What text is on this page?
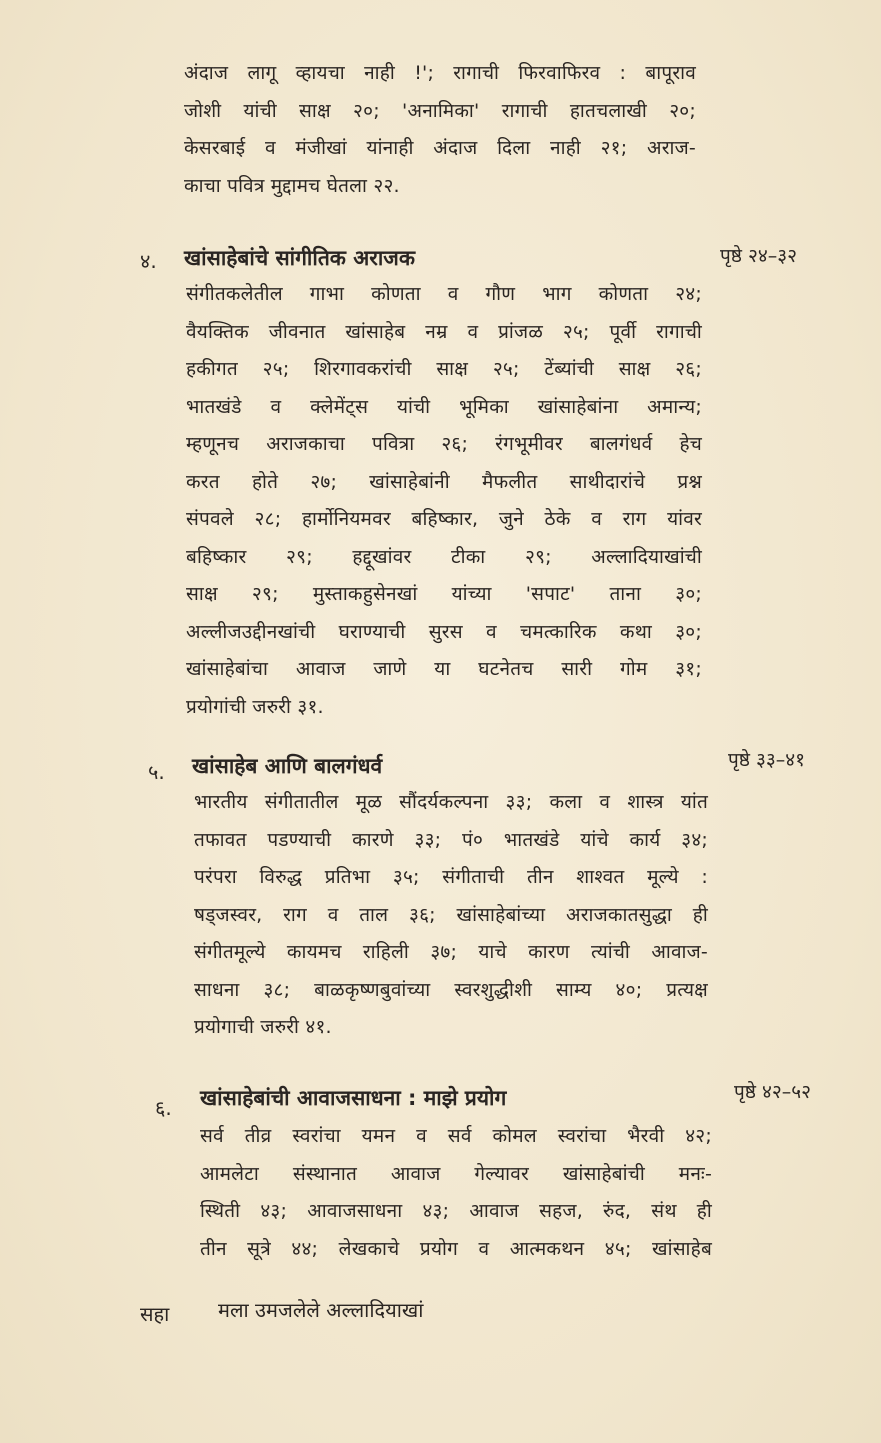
अंदाज लागू व्हायचा नाही !'; रागाची फिरवाफिरव : बापूराव
जोशी यांची साक्ष २०; 'अनामिका' रागाची हातचलाखी २०;
केसरबाई व मंजीखां यांनाही अंदाज दिला नाही २१; अराज-
काचा पवित्र मुद्दामच घेतला २२.
४. खांसाहेबांचे सांगीतिक अराजक	पृष्ठे २४–३२
संगीतकलेतील गाभा कोणता व गौण भाग कोणता २४;
वैयक्तिक जीवनात खांसाहेब नम्र व प्रांजळ २५; पूर्वी रागाची
हकीगत २५; शिरगावकरांची साक्ष २५; टेंब्यांची साक्ष २६;
भातखंडे व क्लेमेंट्स यांची भूमिका खांसाहेबांना अमान्य;
म्हणूनच अराजकाचा पवित्रा २६; रंगभूमीवर बालगंधर्व हेच
करत होते २७; खांसाहेबांनी मैफलीत साथीदारांचे प्रश्न
संपवले २८; हार्मोनियमवर बहिष्कार, जुने ठेके व राग यांवर
बहिष्कार २९; हद्दूखांवर टीका २९; अल्लादियाखांची
साक्ष २९; मुस्ताकहुसेनखां यांच्या 'सपाट' ताना ३०;
अल्लीजउद्दीनखांची घराण्याची सुरस व चमत्कारिक कथा ३०;
खांसाहेबांचा आवाज जाणे या घटनेतच सारी गोम ३१;
प्रयोगांची जरुरी ३१.
५. खांसाहेब आणि बालगंधर्व	पृष्ठे ३३–४१
भारतीय संगीतातील मूळ सौंदर्यकल्पना ३३; कला व शास्त्र यांत
तफावत पडण्याची कारणे ३३; पं० भातखंडे यांचे कार्य ३४;
परंपरा विरुद्ध प्रतिभा ३५; संगीताची तीन शाश्वत मूल्ये :
षड्जस्वर, राग व ताल ३६; खांसाहेबांच्या अराजकातसुद्धा ही
संगीतमूल्ये कायमच राहिली ३७; याचे कारण त्यांची आवाज-
साधना ३८; बाळकृष्णबुवांच्या स्वरशुद्धीशी साम्य ४०; प्रत्यक्ष
प्रयोगाची जरुरी ४१.
६. खांसाहेबांची आवाजसाधना : माझे प्रयोग	पृष्ठे ४२–५२
सर्व तीव्र स्वरांचा यमन व सर्व कोमल स्वरांचा भैरवी ४२;
आमलेटा संस्थानात आवाज गेल्यावर खांसाहेबांची मनः-
स्थिती ४३; आवाजसाधना ४३; आवाज सहज, रुंद, संथ ही
तीन सूत्रे ४४; लेखकाचे प्रयोग व आत्मकथन ४५; खांसाहेब
सहा मला उमजलेले अल्लादियाखां
